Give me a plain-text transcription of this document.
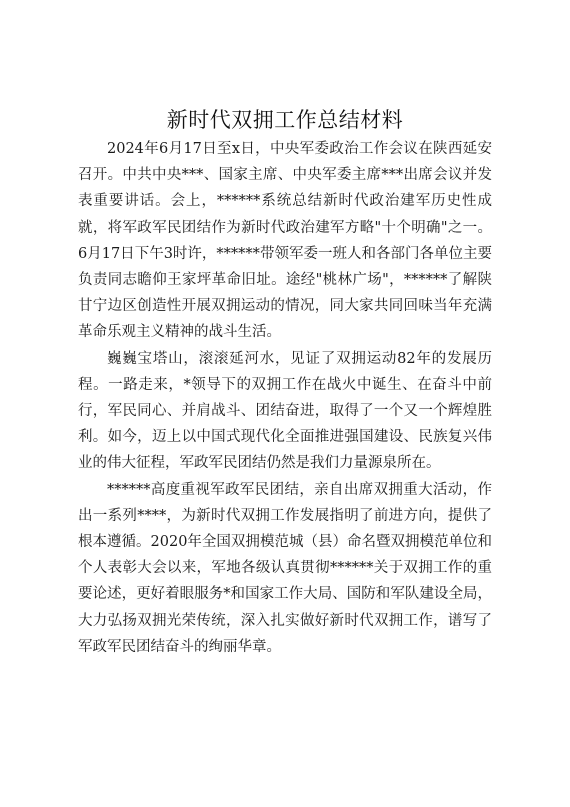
新时代双拥工作总结材料

2024年6月17日至x日，中央军委政治工作会议在陕西延安召开。中共中央***、国家主席、中央军委主席***出席会议并发表重要讲话。会上，******系统总结新时代政治建军历史性成就，将军政军民团结作为新时代政治建军方略"十个明确"之一。6月17日下午3时许，******带领军委一班人和各部门各单位主要负责同志瞻仰王家坪革命旧址。途经"桃林广场"，******了解陕甘宁边区创造性开展双拥运动的情况，同大家共同回味当年充满革命乐观主义精神的战斗生活。

巍巍宝塔山，滚滚延河水，见证了双拥运动82年的发展历程。一路走来，*领导下的双拥工作在战火中诞生、在奋斗中前行，军民同心、并肩战斗、团结奋进，取得了一个又一个辉煌胜利。如今，迈上以中国式现代化全面推进强国建设、民族复兴伟业的伟大征程，军政军民团结仍然是我们力量源泉所在。

******高度重视军政军民团结，亲自出席双拥重大活动，作出一系列****，为新时代双拥工作发展指明了前进方向，提供了根本遵循。2020年全国双拥模范城（县）命名暨双拥模范单位和个人表彰大会以来，军地各级认真贯彻******关于双拥工作的重要论述，更好着眼服务*和国家工作大局、国防和军队建设全局，大力弘扬双拥光荣传统，深入扎实做好新时代双拥工作，谱写了军政军民团结奋斗的绚丽华章。
